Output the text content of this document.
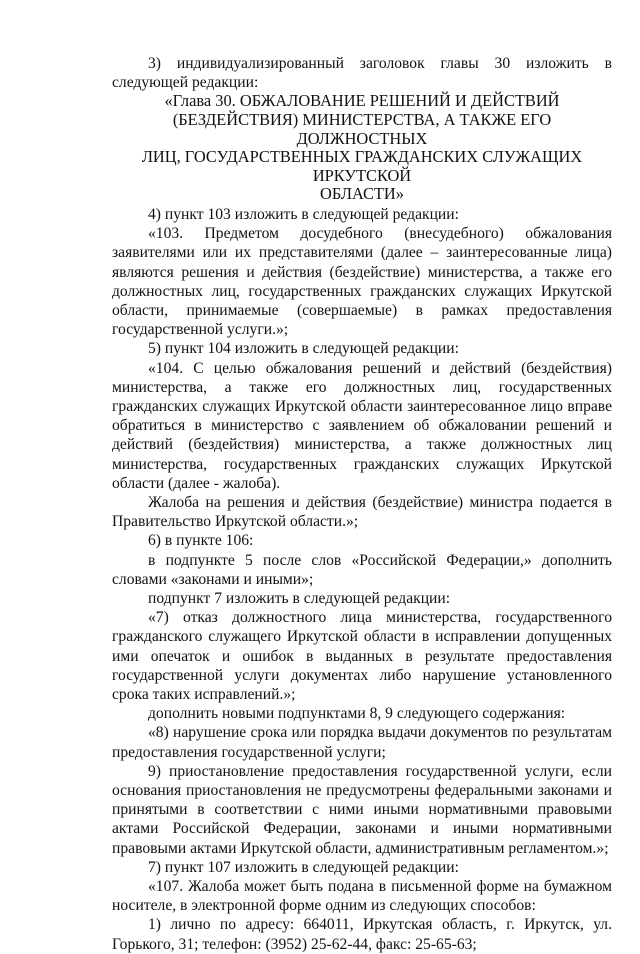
3) индивидуализированный заголовок главы 30 изложить в следующей редакции:

«Глава 30. ОБЖАЛОВАНИЕ РЕШЕНИЙ И ДЕЙСТВИЙ
(БЕЗДЕЙСТВИЯ) МИНИСТЕРСТВА, А ТАКЖЕ ЕГО ДОЛЖНОСТНЫХ
ЛИЦ, ГОСУДАРСТВЕННЫХ ГРАЖДАНСКИХ СЛУЖАЩИХ ИРКУТСКОЙ
ОБЛАСТИ»

4) пункт 103 изложить в следующей редакции:

«103. Предметом досудебного (внесудебного) обжалования заявителями или их представителями (далее – заинтересованные лица) являются решения и действия (бездействие) министерства, а также его должностных лиц, государственных гражданских служащих Иркутской области, принимаемые (совершаемые) в рамках предоставления государственной услуги.»;

5) пункт 104 изложить в следующей редакции:

«104. С целью обжалования решений и действий (бездействия) министерства, а также его должностных лиц, государственных гражданских служащих Иркутской области заинтересованное лицо вправе обратиться в министерство с заявлением об обжаловании решений и действий (бездействия) министерства, а также должностных лиц министерства, государственных гражданских служащих Иркутской области (далее - жалоба).

Жалоба на решения и действия (бездействие) министра подается в Правительство Иркутской области.»;

6) в пункте 106:

в подпункте 5 после слов «Российской Федерации,» дополнить словами «законами и иными»;

подпункт 7 изложить в следующей редакции:

«7) отказ должностного лица министерства, государственного гражданского служащего Иркутской области в исправлении допущенных ими опечаток и ошибок в выданных в результате предоставления государственной услуги документах либо нарушение установленного срока таких исправлений.»;

дополнить новыми подпунктами 8, 9 следующего содержания:

«8) нарушение срока или порядка выдачи документов по результатам предоставления государственной услуги;

9) приостановление предоставления государственной услуги, если основания приостановления не предусмотрены федеральными законами и принятыми в соответствии с ними иными нормативными правовыми актами Российской Федерации, законами и иными нормативными правовыми актами Иркутской области, административным регламентом.»;

7) пункт 107 изложить в следующей редакции:

«107. Жалоба может быть подана в письменной форме на бумажном носителе, в электронной форме одним из следующих способов:

1) лично по адресу: 664011, Иркутская область, г. Иркутск, ул. Горького, 31; телефон: (3952) 25-62-44, факс: 25-65-63;
